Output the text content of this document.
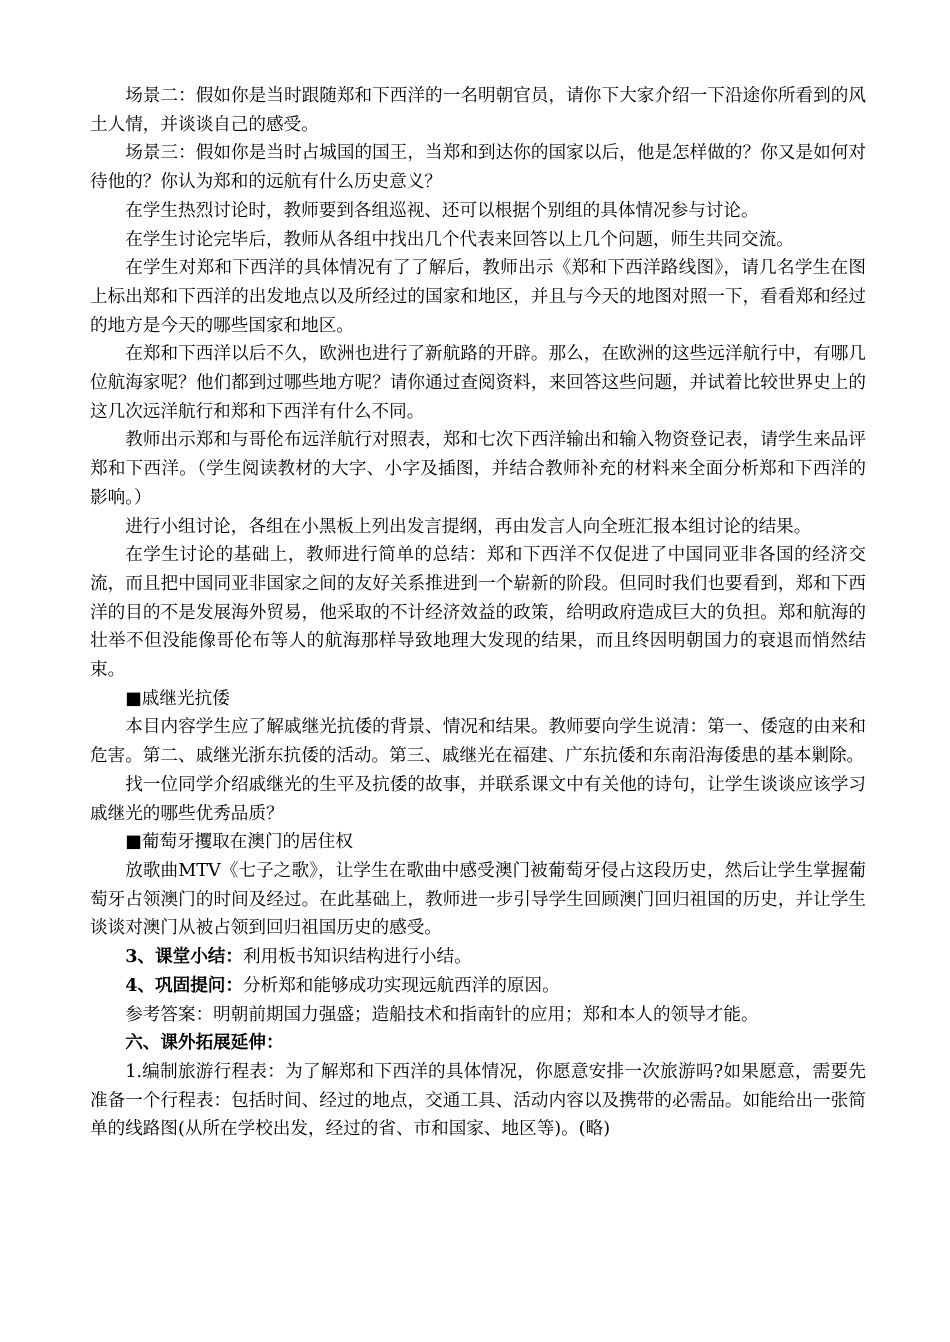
场景二：假如你是当时跟随郑和下西洋的一名明朝官员，请你下大家介绍一下沿途你所看到的风土人情，并谈谈自己的感受。

场景三：假如你是当时占城国的国王，当郑和到达你的国家以后，他是怎样做的？你又是如何对待他的？你认为郑和的远航有什么历史意义？

在学生热烈讨论时，教师要到各组巡视、还可以根据个别组的具体情况参与讨论。

在学生讨论完毕后，教师从各组中找出几个代表来回答以上几个问题，师生共同交流。

在学生对郑和下西洋的具体情况有了了解后，教师出示《郑和下西洋路线图》，请几名学生在图上标出郑和下西洋的出发地点以及所经过的国家和地区，并且与今天的地图对照一下，看看郑和经过的地方是今天的哪些国家和地区。

在郑和下西洋以后不久，欧洲也进行了新航路的开辟。那么，在欧洲的这些远洋航行中，有哪几位航海家呢？他们都到过哪些地方呢？请你通过查阅资料，来回答这些问题，并试着比较世界史上的这几次远洋航行和郑和下西洋有什么不同。

教师出示郑和与哥伦布远洋航行对照表，郑和七次下西洋输出和输入物资登记表，请学生来品评郑和下西洋。（学生阅读教材的大字、小字及插图，并结合教师补充的材料来全面分析郑和下西洋的影响。）

进行小组讨论，各组在小黑板上列出发言提纲，再由发言人向全班汇报本组讨论的结果。

在学生讨论的基础上，教师进行简单的总结：郑和下西洋不仅促进了中国同亚非各国的经济交流，而且把中国同亚非国家之间的友好关系推进到一个崭新的阶段。但同时我们也要看到，郑和下西洋的目的不是发展海外贸易，他采取的不计经济效益的政策，给明政府造成巨大的负担。郑和航海的壮举不但没能像哥伦布等人的航海那样导致地理大发现的结果，而且终因明朝国力的衰退而悄然结束。

■戚继光抗倭

本目内容学生应了解戚继光抗倭的背景、情况和结果。教师要向学生说清：第一、倭寇的由来和危害。第二、戚继光浙东抗倭的活动。第三、戚继光在福建、广东抗倭和东南沿海倭患的基本剿除。

找一位同学介绍戚继光的生平及抗倭的故事，并联系课文中有关他的诗句，让学生谈谈应该学习戚继光的哪些优秀品质？

■葡萄牙攫取在澳门的居住权

放歌曲MTV《七子之歌》，让学生在歌曲中感受澳门被葡萄牙侵占这段历史，然后让学生掌握葡萄牙占领澳门的时间及经过。在此基础上，教师进一步引导学生回顾澳门回归祖国的历史，并让学生谈谈对澳门从被占领到回归祖国历史的感受。

3、课堂小结：利用板书知识结构进行小结。

4、巩固提问：分析郑和能够成功实现远航西洋的原因。

参考答案：明朝前期国力强盛；造船技术和指南针的应用；郑和本人的领导才能。

六、课外拓展延伸：

1.编制旅游行程表：为了解郑和下西洋的具体情况，你愿意安排一次旅游吗?如果愿意，需要先准备一个行程表：包括时间、经过的地点，交通工具、活动内容以及携带的必需品。如能给出一张简单的线路图(从所在学校出发，经过的省、市和国家、地区等)。(略)
